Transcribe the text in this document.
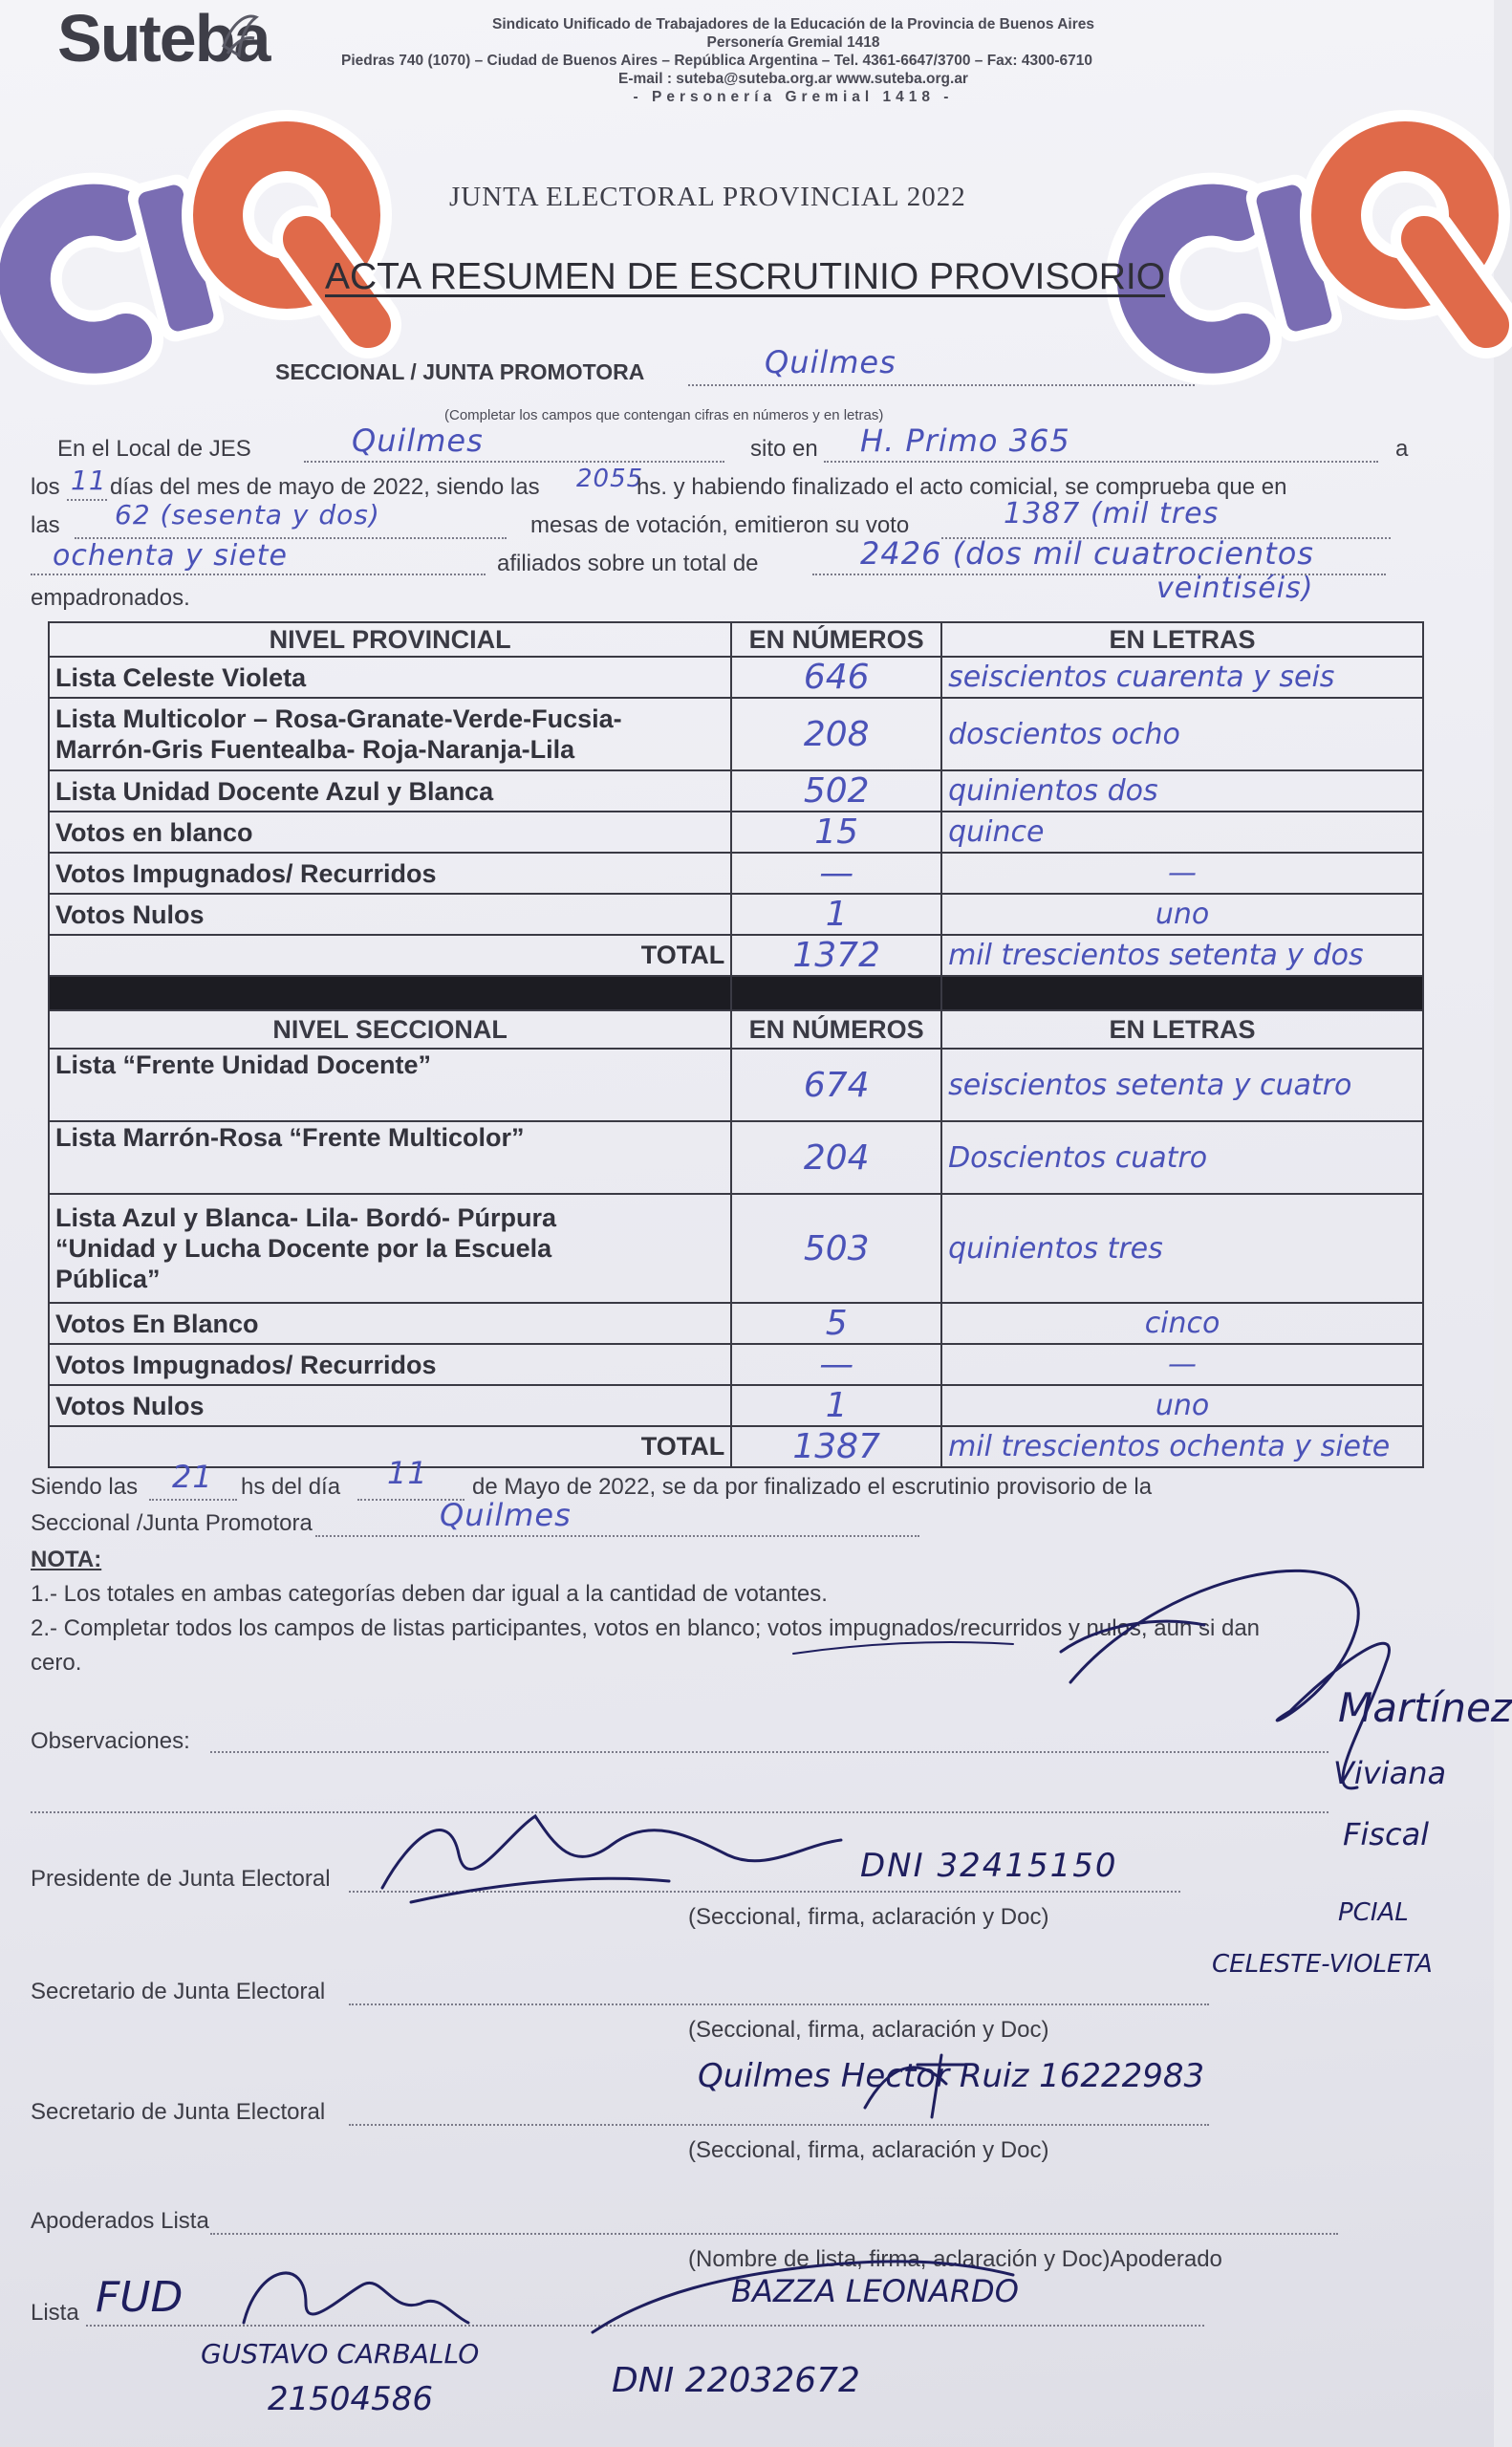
Suteba	Sindicato Unificado de Trabajadores de la Educación de la Provincia de Buenos Aires
Personería Gremial 1418
Piedras 740 (1070) – Ciudad de Buenos Aires – República Argentina – Tel. 4361-6647/3700 – Fax: 4300-6710
E-mail : suteba@suteba.org.ar www.suteba.org.ar
- Personería Gremial 1418 -
JUNTA ELECTORAL PROVINCIAL 2022
ACTA RESUMEN DE ESCRUTINIO PROVISORIO
SECCIONAL / JUNTA PROMOTORA	Quilmes
(Completar los campos que contengan cifras en números y en letras)
En el Local de JES	Quilmes	sito en H. Primo 365	a
los 11 días del mes de mayo de 2022, siendo las 2055
hs. y habiendo finalizado el acto comicial, se comprueba que en
las 62 (sesenta y dos)	mesas de votación, emitieron su voto	1387 (mil tres
ochenta y siete	afiliados sobre un total de	2426 (dos mil cuatrocientos
empadronados.	veintiséis)
NIVEL PROVINCIAL	EN NÚMEROS	EN LETRAS
Lista Celeste Violeta	646	seiscientos cuarenta y seis

Lista Multicolor – Rosa-Granate-Verde-Fucsia-
Marrón-Gris Fuentealba- Roja-Naranja-Lila	208	doscientos ocho
Lista Unidad Docente Azul y Blanca	502	quinientos dos
Votos en blanco	15	quince
Votos Impugnados/ Recurridos	—	—
Votos Nulos	1	uno
TOTAL	1372	mil trescientos setenta y dos

NIVEL SECCIONAL	EN NÚMEROS	EN LETRAS
Lista “Frente Unidad Docente”	674	seiscientos setenta y cuatro
Lista Marrón-Rosa “Frente Multicolor”	204	Doscientos cuatro

Lista Azul y Blanca- Lila- Bordó- Púrpura
“Unidad y Lucha Docente por la Escuela
Pública”	503	quinientos tres
Votos En Blanco	5	cinco
Votos Impugnados/ Recurridos	—	—
Votos Nulos	1	uno
TOTAL	1387	mil trescientos ochenta y siete
Siendo las 21 hs del día 11 de Mayo de 2022, se da por finalizado el escrutinio provisorio de la
Seccional /Junta Promotora	Quilmes
NOTA:
1.- Los totales en ambas categorías deben dar igual a la cantidad de votantes.
2.- Completar todos los campos de listas participantes, votos en blanco; votos impugnados/recurridos y nulos, aun si dan
cero.
Observaciones:
Presidente de Junta Electoral	DNI 32415150
(Seccional, firma, aclaración y Doc)
Secretario de Junta Electoral
(Seccional, firma, aclaración y Doc)
Secretario de Junta Electoral
Quilmes Hector Ruiz 16222983
(Seccional, firma, aclaración y Doc)
Apoderados Lista
(Nombre de lista, firma, aclaración y Doc)Apoderado
Lista FUD	BAZZA LEONARDO
GUSTAVO CARBALLO
21504586	DNI 22032672
Martínez
Viviana
Fiscal
PCIAL
CELESTE-VIOLETA
